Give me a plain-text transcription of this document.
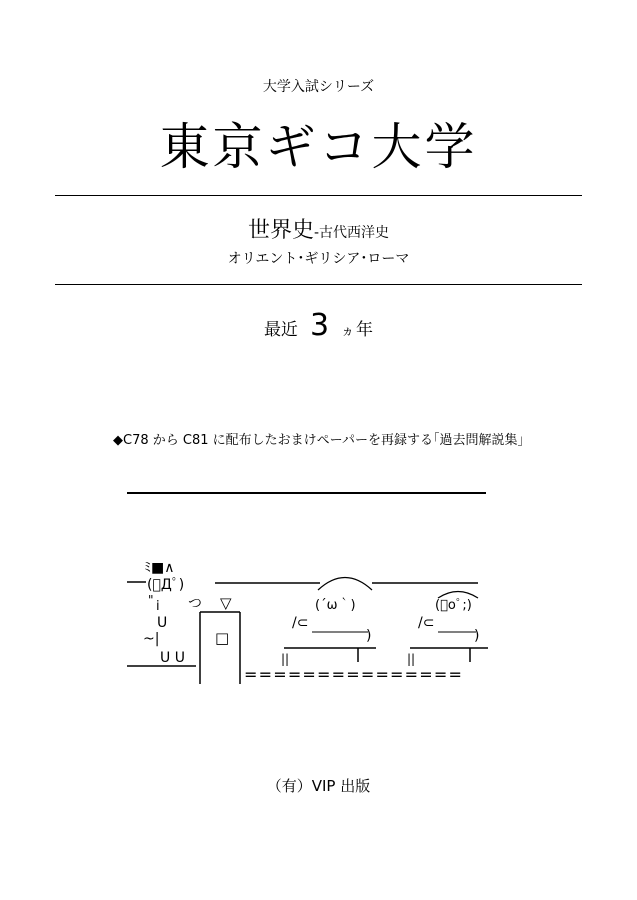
大学入試シリーズ
東京ギコ大学
世界史-古代西洋史
オリエント･ギリシア･ローマ
最近 3 ヵ 年
◆C78 から C81 に配布したおまけペーパーを再録する｢過去問解説集｣
ﾐ■∧
(ﾟДﾟ)
" i つ
U
~|
U U
▽
□
(´ω｀)
/⊂
)
||
(ﾟoﾟ;)
/⊂
)
||
===============
（有）VIP 出版
